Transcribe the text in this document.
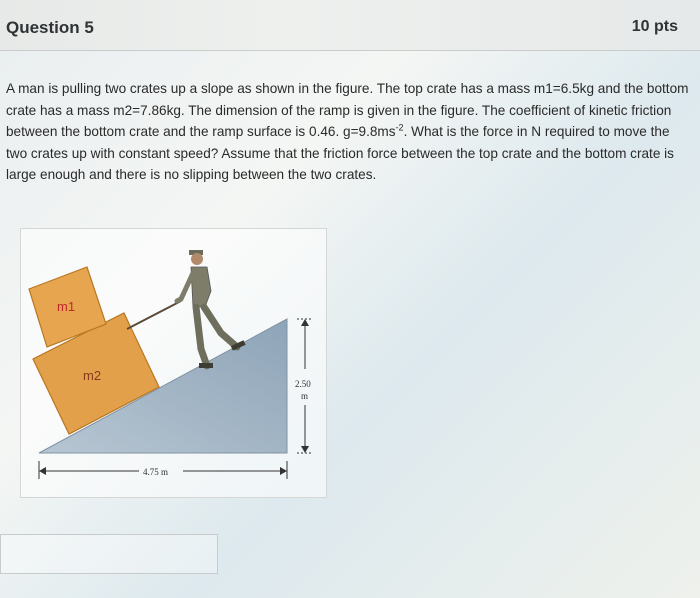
Question 5	10 pts
A man is pulling two crates up a slope as shown in the figure. The top crate has a mass m1=6.5kg and the bottom crate has a mass m2=7.86kg. The dimension of the ramp is given in the figure. The coefficient of kinetic friction between the bottom crate and the ramp surface is 0.46. $g=9.8ms^{-2}$. What is the force in N required to move the two crates up with constant speed? Assume that the friction force between the top crate and the bottom crate is large enough and there is no slipping between the two crates.
m1
m2
2.50
m
4.75 m
